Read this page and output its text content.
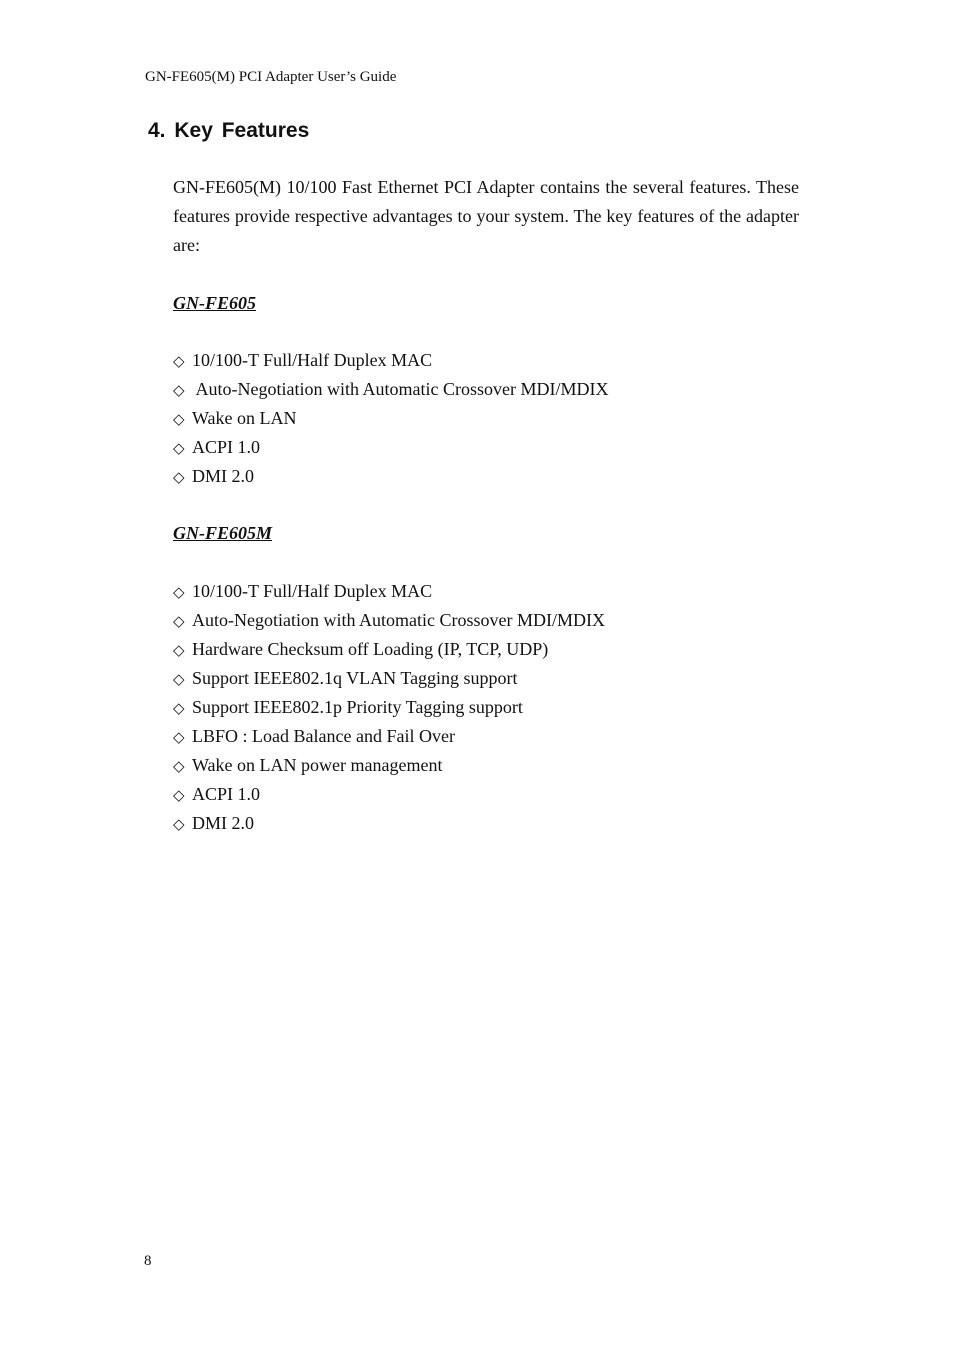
GN-FE605(M) PCI Adapter User’s Guide
4. Key Features

GN-FE605(M) 10/100 Fast Ethernet PCI Adapter contains the several features. These features provide respective advantages to your system. The key features of the adapter are:

GN-FE605
◇ 10/100-T Full/Half Duplex MAC
◇ Auto-Negotiation with Automatic Crossover MDI/MDIX
◇ Wake on LAN
◇ ACPI 1.0
◇ DMI 2.0
GN-FE605M
◇ 10/100-T Full/Half Duplex MAC
◇ Auto-Negotiation with Automatic Crossover MDI/MDIX
◇ Hardware Checksum off Loading (IP, TCP, UDP)
◇ Support IEEE802.1q VLAN Tagging support
◇ Support IEEE802.1p Priority Tagging support
◇ LBFO : Load Balance and Fail Over
◇ Wake on LAN power management
◇ ACPI 1.0
◇ DMI 2.0
8
